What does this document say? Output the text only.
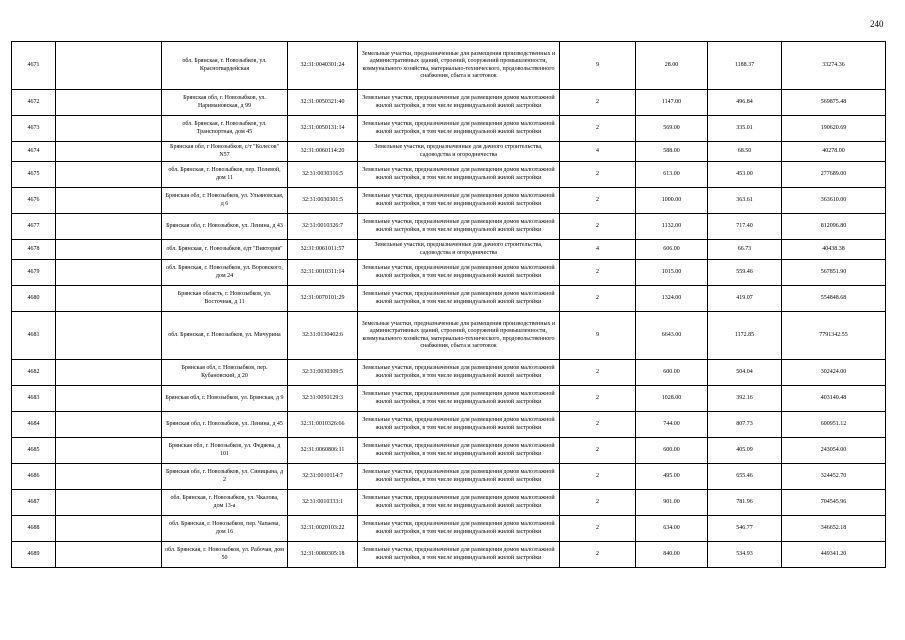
240
4671		обл. Брянская, г. Новозыбков, ул. Красногвардейская	32:31:0040301:24	Земельные участки, предназначенные для размещения производственных и административных зданий, строений, сооружений промышленности, коммунального хозяйства, материально-технического, продовольственного снабжения, сбыта и заготовок	9	28.00	1188.37	33274.36
4672		Брянская обл, г. Новозыбков, ул. Наримановская, д 99	32:31:0050321:40	Земельные участки, предназначенные для размещения домов малоэтажной жилой застройки, в том числе индивидуальной жилой застройки	2	1147.00	496.84	569875.48
4673		обл. Брянская, г. Новозыбков, ул. Транспортная, дом 45	32:31:0050131:14	Земельные участки, предназначенные для размещения домов малоэтажной жилой застройки, в том числе индивидуальной жилой застройки	2	569.00	335.01	190620.69
4674		Брянская обл, г Новозыбков, с/т "Колесов" N57	32:31:0060114:20	Земельные участки, предназначенные для дачного строительства, садоводства и огородничества	4	588.00	68.50	40278.00
4675		обл. Брянская, г. Новозыбков, пер. Полевой, дом 11	32:31:0030316:5	Земельные участки, предназначенные для размещения домов малоэтажной жилой застройки, в том числе индивидуальной жилой застройки	2	613.00	453.00	277689.00
4676		Брянская обл, г. Новозыбков, ул. Ульяновская, д 6	32:31:0030301:5	Земельные участки, предназначенные для размещения домов малоэтажной жилой застройки, в том числе индивидуальной жилой застройки	2	1000.00	363.61	363610.00
4677		Брянская обл, г. Новозыбков, ул. Ленина, д 43	32:31:0010326:7	Земельные участки, предназначенные для размещения домов малоэтажной жилой застройки, в том числе индивидуальной жилой застройки	2	1132.00	717.40	812096.80
4678		обл. Брянская, г. Новозыбков, едт "Виктория"	32:31:0061011:57	Земельные участки, предназначенные для дачного строительства, садоводства и огородничества	4	606.00	66.73	40438.38
4679		обл. Брянская, г. Новозыбков, ул. Воровского, дом 24	32:31:0010311:14	Земельные участки, предназначенные для размещения домов малоэтажной жилой застройки, в том числе индивидуальной жилой застройки	2	1015.00	559.46	567851.90
4680		Брянская область, г. Новозыбков, ул. Восточная, д 11	32:31:0070101:29	Земельные участки, предназначенные для размещения домов малоэтажной жилой застройки, в том числе индивидуальной жилой застройки	2	1324.00	419.07	554848.68
4681		обл. Брянская, г. Новозыбков, ул. Мичурина	32:31:0130402:6	Земельные участки, предназначенные для размещения производственных и административных зданий, строений, сооружений промышленности, коммунального хозяйства, материально-технического, продовольственного снабжения, сбыта и заготовок	9	6643.00	1172.85	7791342.55
4682		Брянская обл, г. Новозыбков, пер. Кубановский, д 20	32:31:0030309:5	Земельные участки, предназначенные для размещения домов малоэтажной жилой застройки, в том числе индивидуальной жилой застройки	2	600.00	504.04	302424.00
4683		Брянская обл, г. Новозыбков, ул. Брянская, д 9	32:31:0050129:3	Земельные участки, предназначенные для размещения домов малоэтажной жилой застройки, в том числе индивидуальной жилой застройки	2	1028.00	392.16	403140.48
4684		Брянская обл, г. Новозыбков, ул. Ленина, д 45	32:31:0010326:66	Земельные участки, предназначенные для размещения домов малоэтажной жилой застройки, в том числе индивидуальной жилой застройки	2	744.00	807.73	600951.12
4685		Брянская обл, г. Новозыбков, ул. Федяева, д 101	32:31:0060806:11	Земельные участки, предназначенные для размещения домов малоэтажной жилой застройки, в том числе индивидуальной жилой застройки	2	600.00	405.09	243054.00
4686		Брянская обл, г. Новозыбков, ул. Синицына, д 2	32:31:0010114:7	Земельные участки, предназначенные для размещения домов малоэтажной жилой застройки, в том числе индивидуальной жилой застройки	2	495.00	655.46	324452.70
4687		обл. Брянская, г. Новозыбков, ул. Чкалова, дом 13-а	32:31:0010333:1	Земельные участки, предназначенные для размещения домов малоэтажной жилой застройки, в том числе индивидуальной жилой застройки	2	901.00	781.96	704545.96
4688		обл. Брянская, г. Новозыбков, пер. Чапаева, дом 16	32:31:0020103:22	Земельные участки, предназначенные для размещения домов малоэтажной жилой застройки, в том числе индивидуальной жилой застройки	2	634.00	546.77	346652.18
4689		обл. Брянская, г. Новозыбков, ул. Рабочая, дом 50	32:31:0080305:18	Земельные участки, предназначенные для размещения домов малоэтажной жилой застройки, в том числе индивидуальной жилой застройки	2	840.00	534.93	449341.20
